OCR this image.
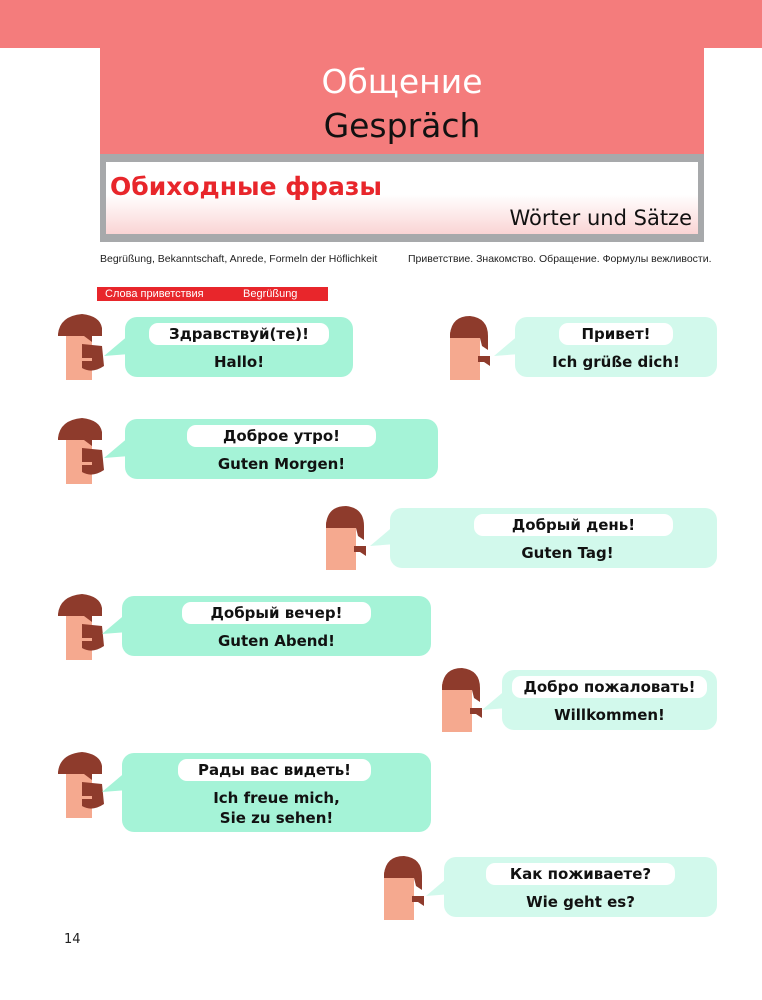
Общение
Gespräch
Обиходные фразы
Wörter und Sätze
Begrüßung, Bekanntschaft, Anrede, Formeln der Höflichkeit	Приветствие. Знакомство. Обращение. Формулы вежливости.
Слова приветствия	Begrüßung
Здравствуй(те)!
Hallo!
Привет!
Ich grüße dich!
Доброе утро!
Guten Morgen!
Добрый день!
Guten Tag!
Добрый вечер!
Guten Abend!
Добро пожаловать!
Willkommen!
Рады вас видеть!
Ich freue mich,
Sie zu sehen!
Как поживаете?
Wie geht es?
14
